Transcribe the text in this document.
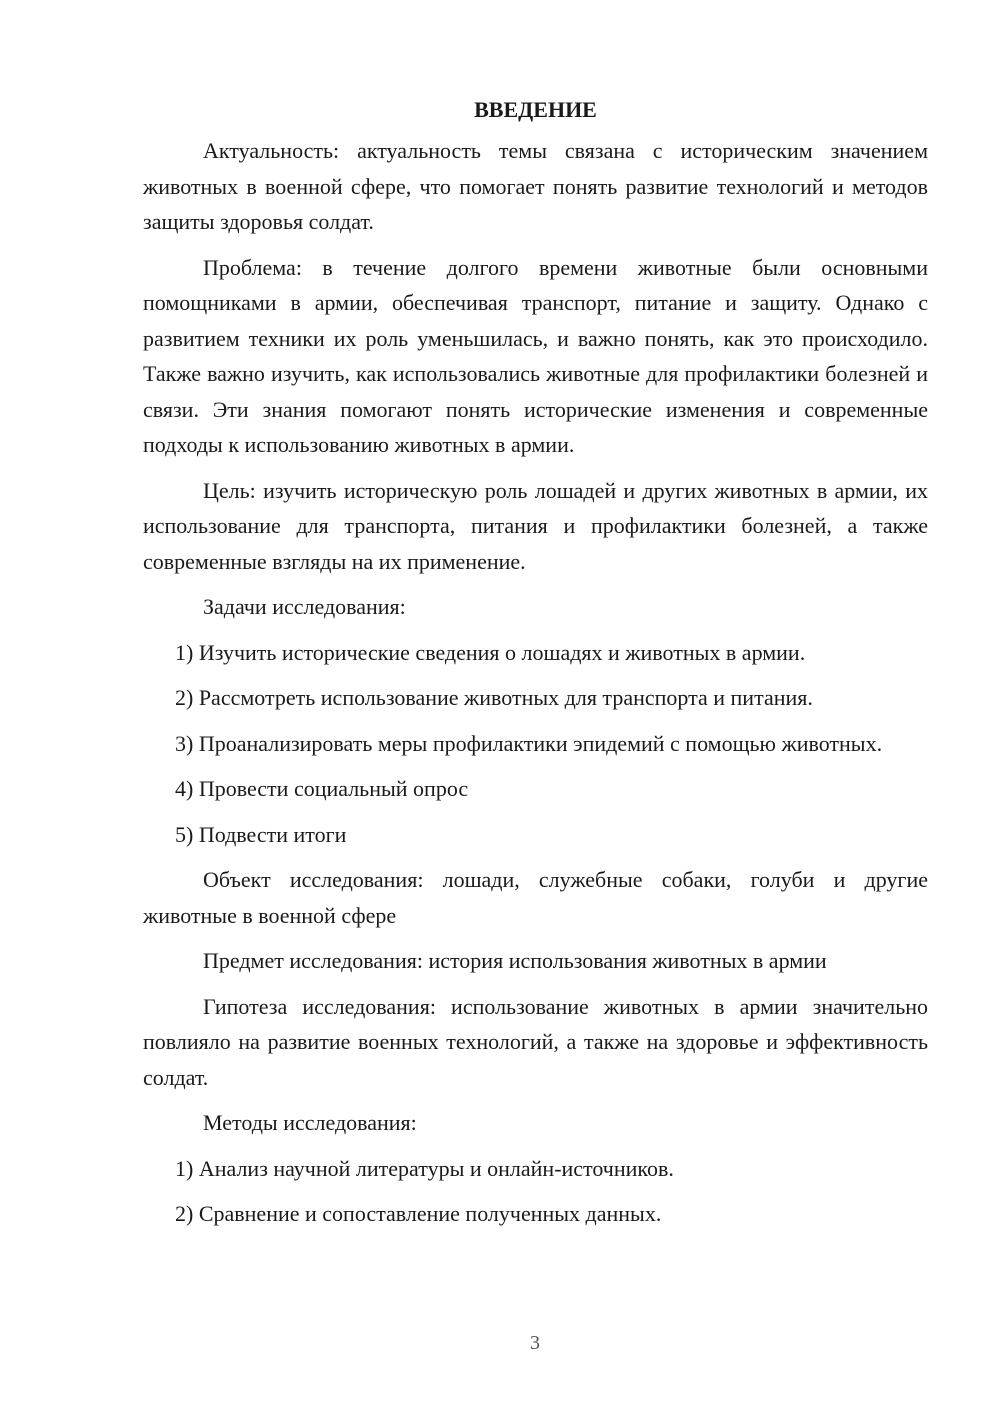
ВВЕДЕНИЕ

Актуальность: актуальность темы связана с историческим значением животных в военной сфере, что помогает понять развитие технологий и методов защиты здоровья солдат.

Проблема: в течение долгого времени животные были основными помощниками в армии, обеспечивая транспорт, питание и защиту. Однако с развитием техники их роль уменьшилась, и важно понять, как это происходило. Также важно изучить, как использовались животные для профилактики болезней и связи. Эти знания помогают понять исторические изменения и современные подходы к использованию животных в армии.

Цель: изучить историческую роль лошадей и других животных в армии, их использование для транспорта, питания и профилактики болезней, а также современные взгляды на их применение.

Задачи исследования:

1) Изучить исторические сведения о лошадях и животных в армии.

2) Рассмотреть использование животных для транспорта и питания.

3) Проанализировать меры профилактики эпидемий с помощью животных.

4) Провести социальный опрос

5) Подвести итоги

Объект исследования: лошади, служебные собаки, голуби и другие животные в военной сфере

Предмет исследования: история использования животных в армии

Гипотеза исследования: использование животных в армии значительно повлияло на развитие военных технологий, а также на здоровье и эффективность солдат.

Методы исследования:

1) Анализ научной литературы и онлайн-источников.

2) Сравнение и сопоставление полученных данных.

3
